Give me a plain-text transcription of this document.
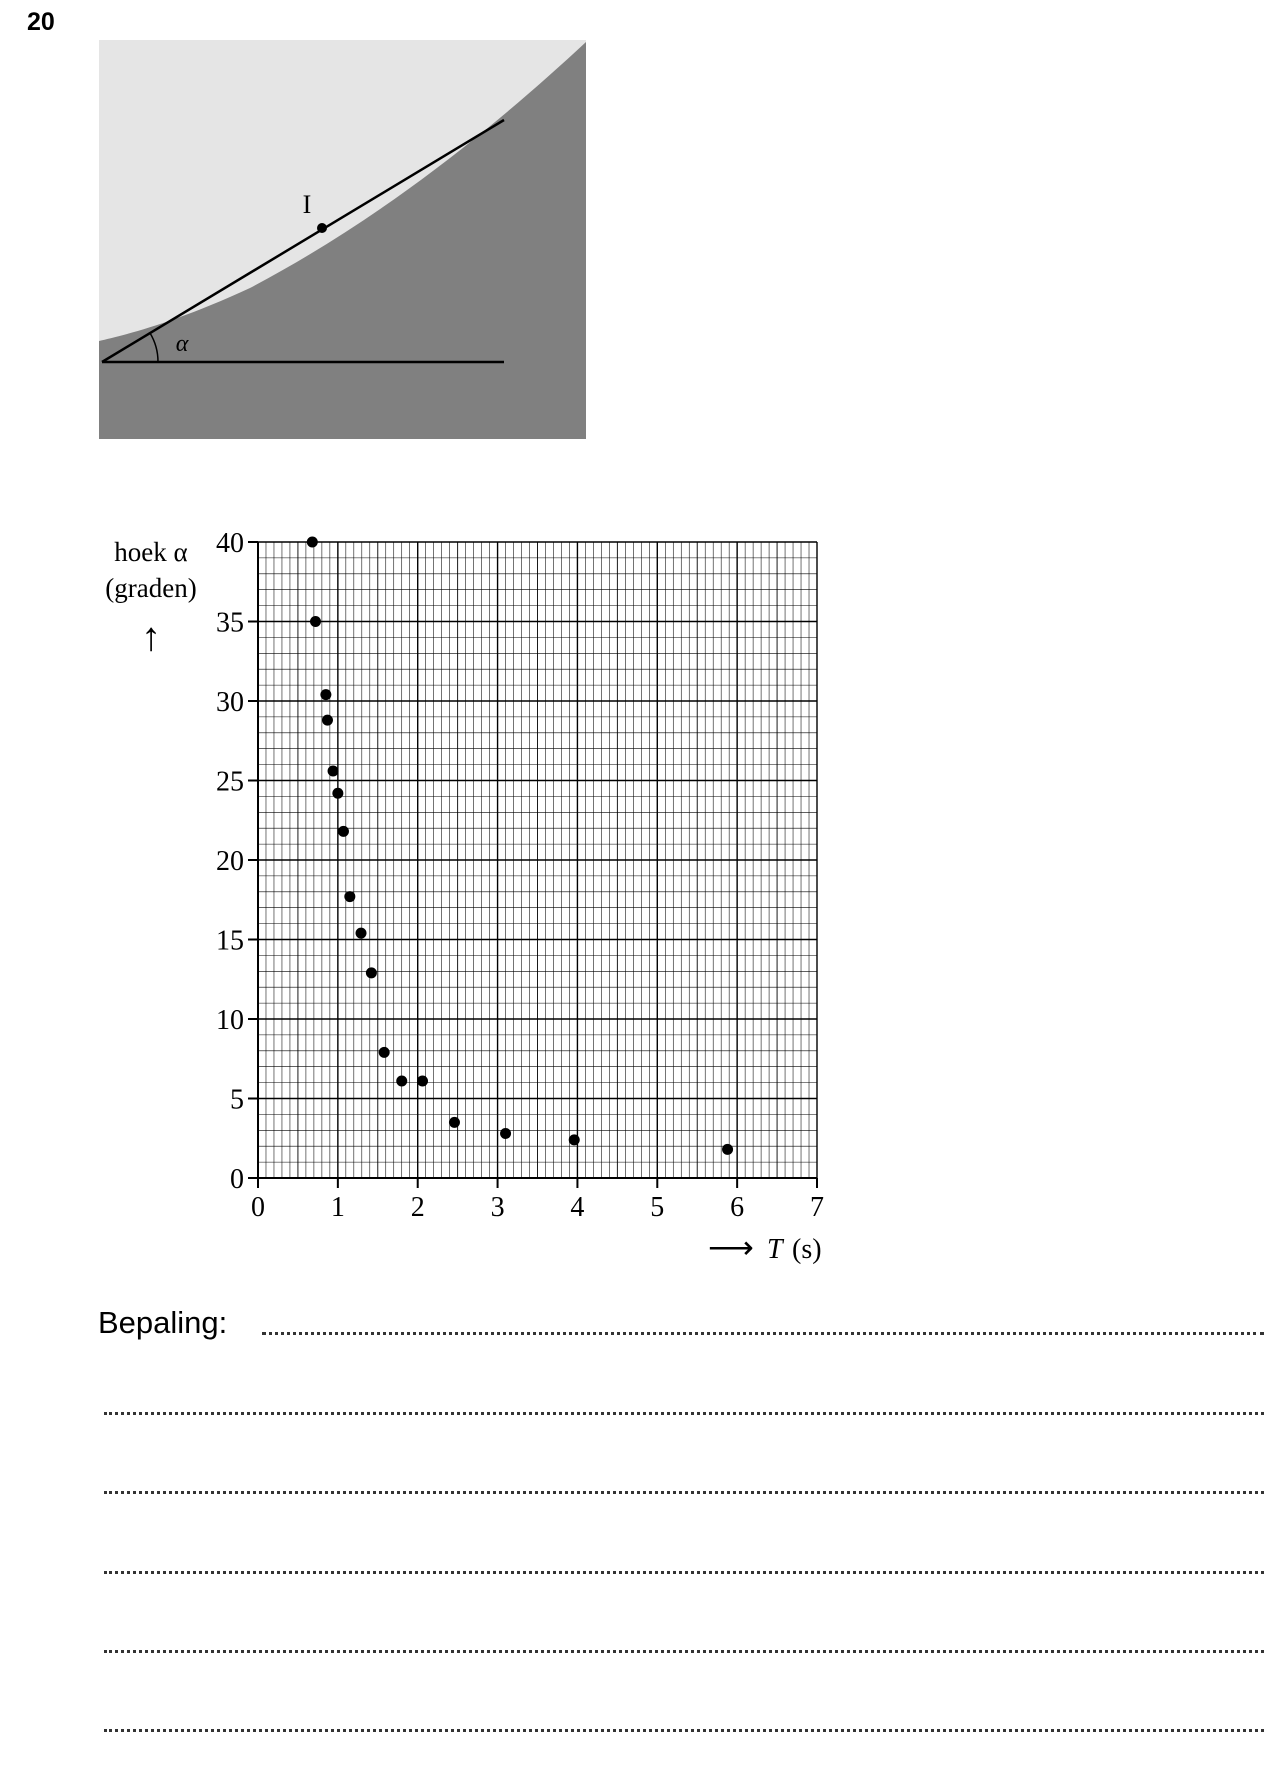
20
I
α
0 1 2 3 4 5 6 7
0
5
10
15
20
25
30
35
40
hoek α
(graden)
↑
⟶ T (s)
Bepaling:
